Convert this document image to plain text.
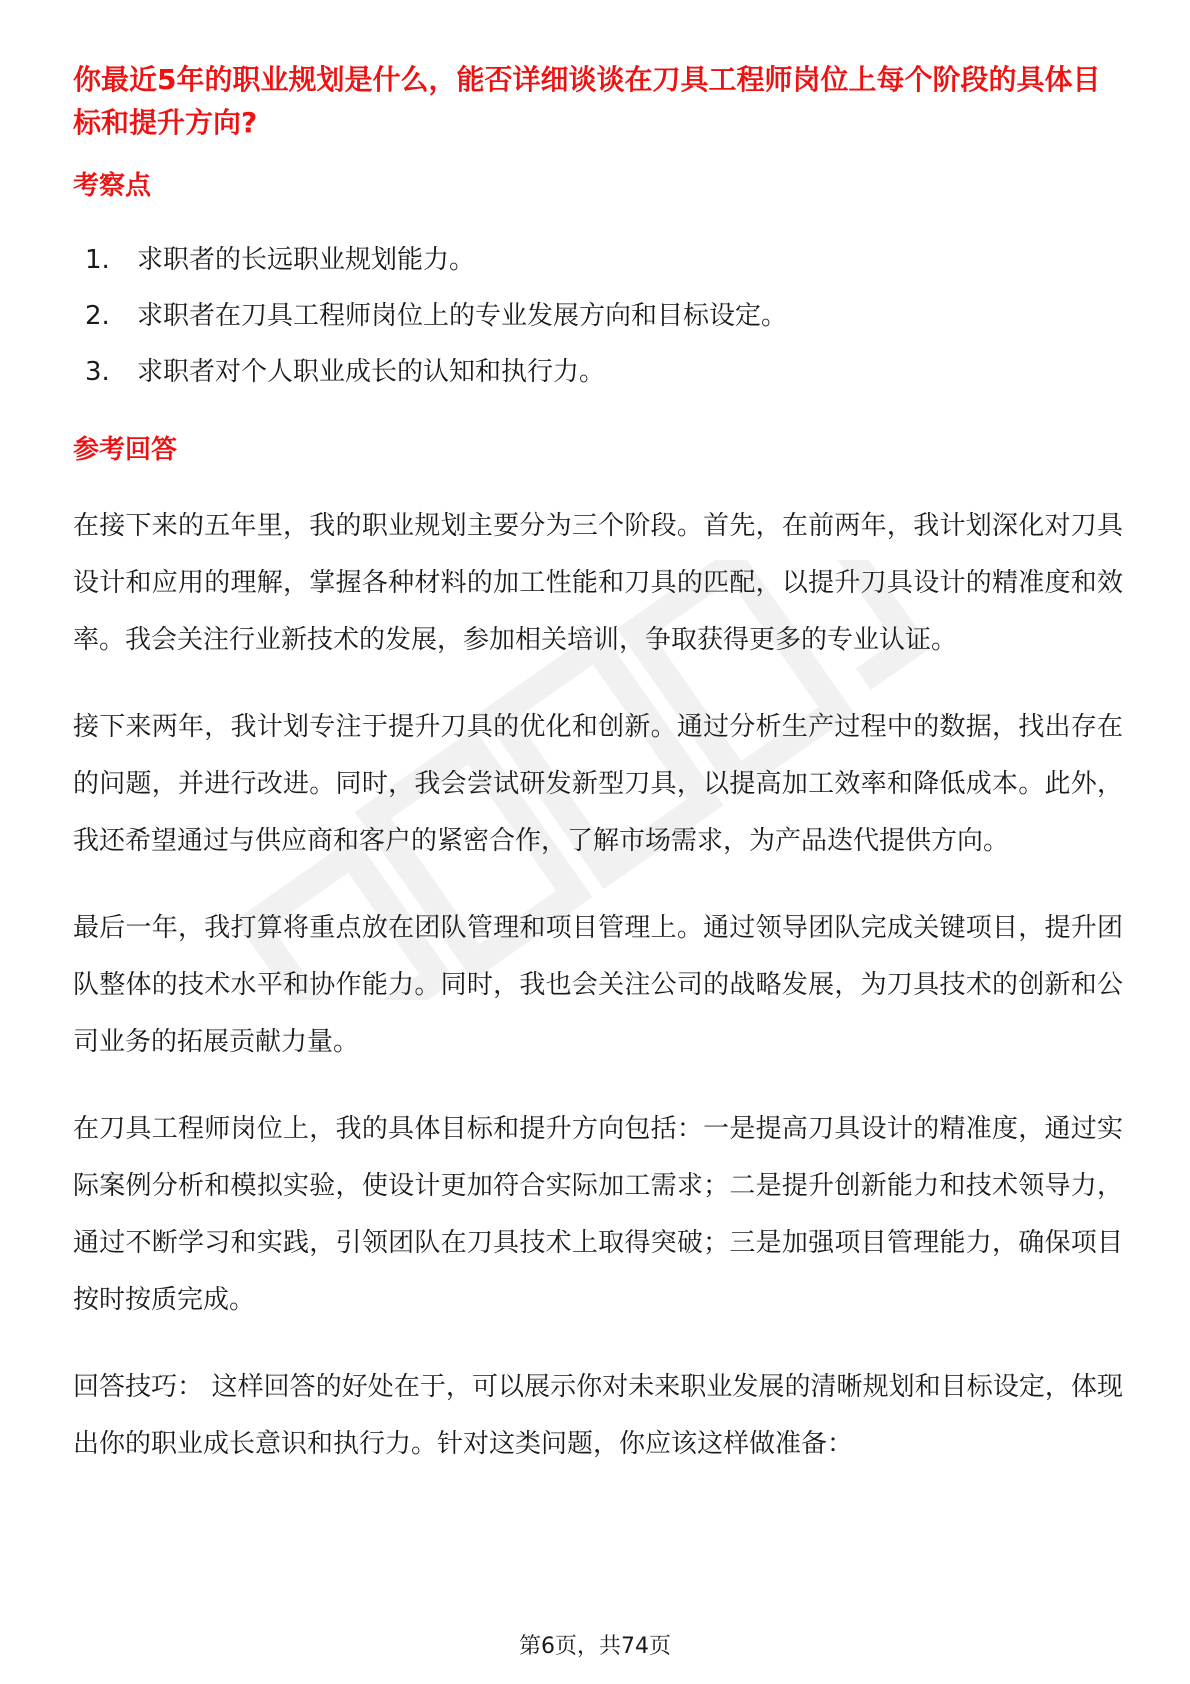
你最近5年的职业规划是什么，能否详细谈谈在刀具工程师岗位上每个阶段的具体目标和提升方向?
考察点
1.	求职者的长远职业规划能力。
2.	求职者在刀具工程师岗位上的专业发展方向和目标设定。
3.	求职者对个人职业成长的认知和执行力。
参考回答

在接下来的五年里，我的职业规划主要分为三个阶段。首先，在前两年，我计划深化对刀具设计和应用的理解，掌握各种材料的加工性能和刀具的匹配，以提升刀具设计的精准度和效率。我会关注行业新技术的发展，参加相关培训，争取获得更多的专业认证。

接下来两年，我计划专注于提升刀具的优化和创新。通过分析生产过程中的数据，找出存在的问题，并进行改进。同时，我会尝试研发新型刀具，以提高加工效率和降低成本。此外，我还希望通过与供应商和客户的紧密合作，了解市场需求，为产品迭代提供方向。

最后一年，我打算将重点放在团队管理和项目管理上。通过领导团队完成关键项目，提升团队整体的技术水平和协作能力。同时，我也会关注公司的战略发展，为刀具技术的创新和公司业务的拓展贡献力量。

在刀具工程师岗位上，我的具体目标和提升方向包括：一是提高刀具设计的精准度，通过实际案例分析和模拟实验，使设计更加符合实际加工需求；二是提升创新能力和技术领导力，通过不断学习和实践，引领团队在刀具技术上取得突破；三是加强项目管理能力，确保项目按时按质完成。

回答技巧： 这样回答的好处在于，可以展示你对未来职业发展的清晰规划和目标设定，体现出你的职业成长意识和执行力。针对这类问题，你应该这样做准备：

第6页，共74页
